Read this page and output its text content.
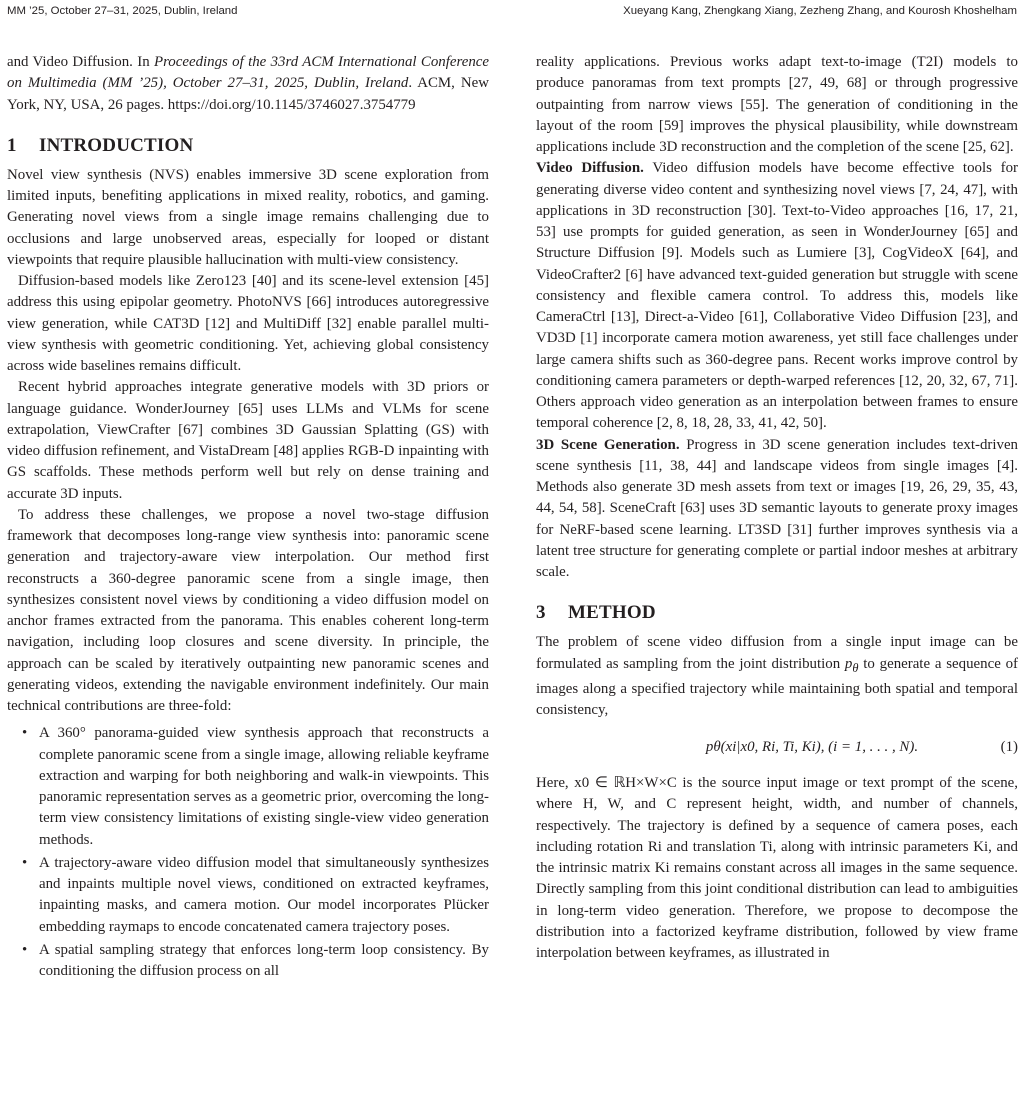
MM ’25, October 27–31, 2025, Dublin, Ireland	Xueyang Kang, Zhengkang Xiang, Zezheng Zhang, and Kourosh Khoshelham

and Video Diffusion. In Proceedings of the 33rd ACM International Conference on Multimedia (MM ’25), October 27–31, 2025, Dublin, Ireland. ACM, New York, NY, USA, 26 pages. https://doi.org/10.1145/3746027.3754779

1 INTRODUCTION

Novel view synthesis (NVS) enables immersive 3D scene exploration from limited inputs, benefiting applications in mixed reality, robotics, and gaming. Generating novel views from a single image remains challenging due to occlusions and large unobserved areas, especially for looped or distant viewpoints that require plausible hallucination with multi-view consistency.

Diffusion-based models like Zero123 [40] and its scene-level extension [45] address this using epipolar geometry. PhotoNVS [66] introduces autoregressive view generation, while CAT3D [12] and MultiDiff [32] enable parallel multi-view synthesis with geometric conditioning. Yet, achieving global consistency across wide baselines remains difficult.

Recent hybrid approaches integrate generative models with 3D priors or language guidance. WonderJourney [65] uses LLMs and VLMs for scene extrapolation, ViewCrafter [67] combines 3D Gaussian Splatting (GS) with video diffusion refinement, and VistaDream [48] applies RGB-D inpainting with GS scaffolds. These methods perform well but rely on dense training and accurate 3D inputs.

To address these challenges, we propose a novel two-stage diffusion framework that decomposes long-range view synthesis into: panoramic scene generation and trajectory-aware view interpolation. Our method first reconstructs a 360-degree panoramic scene from a single image, then synthesizes consistent novel views by conditioning a video diffusion model on anchor frames extracted from the panorama. This enables coherent long-term navigation, including loop closures and scene diversity. In principle, the approach can be scaled by iteratively outpainting new panoramic scenes and generating videos, extending the navigable environment indefinitely. Our main technical contributions are three-fold:

• A 360° panorama-guided view synthesis approach that reconstructs a complete panoramic scene from a single image, allowing reliable keyframe extraction and warping for both neighboring and walk-in viewpoints. This panoramic representation serves as a geometric prior, overcoming the long-term view consistency limitations of existing single-view video generation methods.
• A trajectory-aware video diffusion model that simultaneously synthesizes and inpaints multiple novel views, conditioned on extracted keyframes, inpainting masks, and camera motion. Our model incorporates Plücker embedding raymaps to encode concatenated camera trajectory poses.
• A spatial sampling strategy that enforces long-term loop consistency. By conditioning the diffusion process on all

reality applications. Previous works adapt text-to-image (T2I) models to produce panoramas from text prompts [27, 49, 68] or through progressive outpainting from narrow views [55]. The generation of conditioning in the layout of the room [59] improves the physical plausibility, while downstream applications include 3D reconstruction and the completion of the scene [25, 62].

Video Diffusion. Video diffusion models have become effective tools for generating diverse video content and synthesizing novel views [7, 24, 47], with applications in 3D reconstruction [30]. Text-to-Video approaches [16, 17, 21, 53] use prompts for guided generation, as seen in WonderJourney [65] and Structure Diffusion [9]. Models such as Lumiere [3], CogVideoX [64], and VideoCrafter2 [6] have advanced text-guided generation but struggle with scene consistency and flexible camera control. To address this, models like CameraCtrl [13], Direct-a-Video [61], Collaborative Video Diffusion [23], and VD3D [1] incorporate camera motion awareness, yet still face challenges under large camera shifts such as 360-degree pans. Recent works improve control by conditioning camera parameters or depth-warped references [12, 20, 32, 67, 71]. Others approach video generation as an interpolation between frames to ensure temporal coherence [2, 8, 18, 28, 33, 41, 42, 50].

3D Scene Generation. Progress in 3D scene generation includes text-driven scene synthesis [11, 38, 44] and landscape videos from single images [4]. Methods also generate 3D mesh assets from text or images [19, 26, 29, 35, 43, 44, 54, 58]. SceneCraft [63] uses 3D semantic layouts to generate proxy images for NeRF-based scene learning. LT3SD [31] further improves synthesis via a latent tree structure for generating complete or partial indoor meshes at arbitrary scale.

3 METHOD

The problem of scene video diffusion from a single input image can be formulated as sampling from the joint distribution $p_\theta$ to generate a sequence of images along a specified trajectory while maintaining both spatial and temporal consistency,

pθ(xi|x0, Ri, Ti, Ki), (i = 1, . . . , N).	(1)

Here, x0 ∈ ℝH×W×C is the source input image or text prompt of the scene, where H, W, and C represent height, width, and number of channels, respectively. The trajectory is defined by a sequence of camera poses, each including rotation Ri and translation Ti, along with intrinsic parameters Ki, and the intrinsic matrix Ki remains constant across all images in the same sequence. Directly sampling from this joint conditional distribution can lead to ambiguities in long-term video generation. Therefore, we propose to decompose the distribution into a factorized keyframe distribution, followed by view frame interpolation between keyframes, as illustrated in
